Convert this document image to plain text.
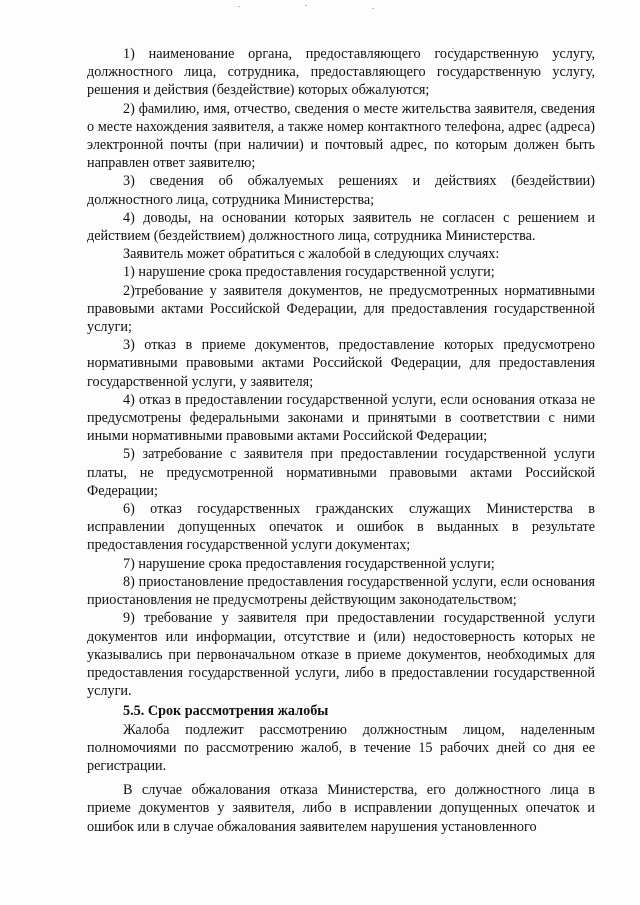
1) наименование органа, предоставляющего государственную услугу, должностного лица, сотрудника, предоставляющего государственную услугу, решения и действия (бездействие) которых обжалуются;

2) фамилию, имя, отчество, сведения о месте жительства заявителя, сведения о месте нахождения заявителя, а также номер контактного телефона, адрес (адреса) электронной почты (при наличии) и почтовый адрес, по которым должен быть направлен ответ заявителю;

3) сведения об обжалуемых решениях и действиях (бездействии) должностного лица, сотрудника Министерства;

4) доводы, на основании которых заявитель не согласен с решением и действием (бездействием) должностного лица, сотрудника Министерства.

Заявитель может обратиться с жалобой в следующих случаях:

1) нарушение срока предоставления государственной услуги;

2)требование у заявителя документов, не предусмотренных нормативными правовыми актами Российской Федерации, для предоставления государственной услуги;

3) отказ в приеме документов, предоставление которых предусмотрено нормативными правовыми актами Российской Федерации, для предоставления государственной услуги, у заявителя;

4) отказ в предоставлении государственной услуги, если основания отказа не предусмотрены федеральными законами и принятыми в соответствии с ними иными нормативными правовыми актами Российской Федерации;

5) затребование с заявителя при предоставлении государственной услуги платы, не предусмотренной нормативными правовыми актами Российской Федерации;

6) отказ государственных гражданских служащих Министерства в исправлении допущенных опечаток и ошибок в выданных в результате предоставления государственной услуги документах;

7) нарушение срока предоставления государственной услуги;

8) приостановление предоставления государственной услуги, если основания приостановления не предусмотрены действующим законодательством;

9) требование у заявителя при предоставлении государственной услуги документов или информации, отсутствие и (или) недостоверность которых не указывались при первоначальном отказе в приеме документов, необходимых для предоставления государственной услуги, либо в предоставлении государственной услуги.

5.5. Срок рассмотрения жалобы

Жалоба подлежит рассмотрению должностным лицом, наделенным полномочиями по рассмотрению жалоб, в течение 15 рабочих дней со дня ее регистрации.

В случае обжалования отказа Министерства, его должностного лица в приеме документов у заявителя, либо в исправлении допущенных опечаток и ошибок или в случае обжалования заявителем нарушения установленного
